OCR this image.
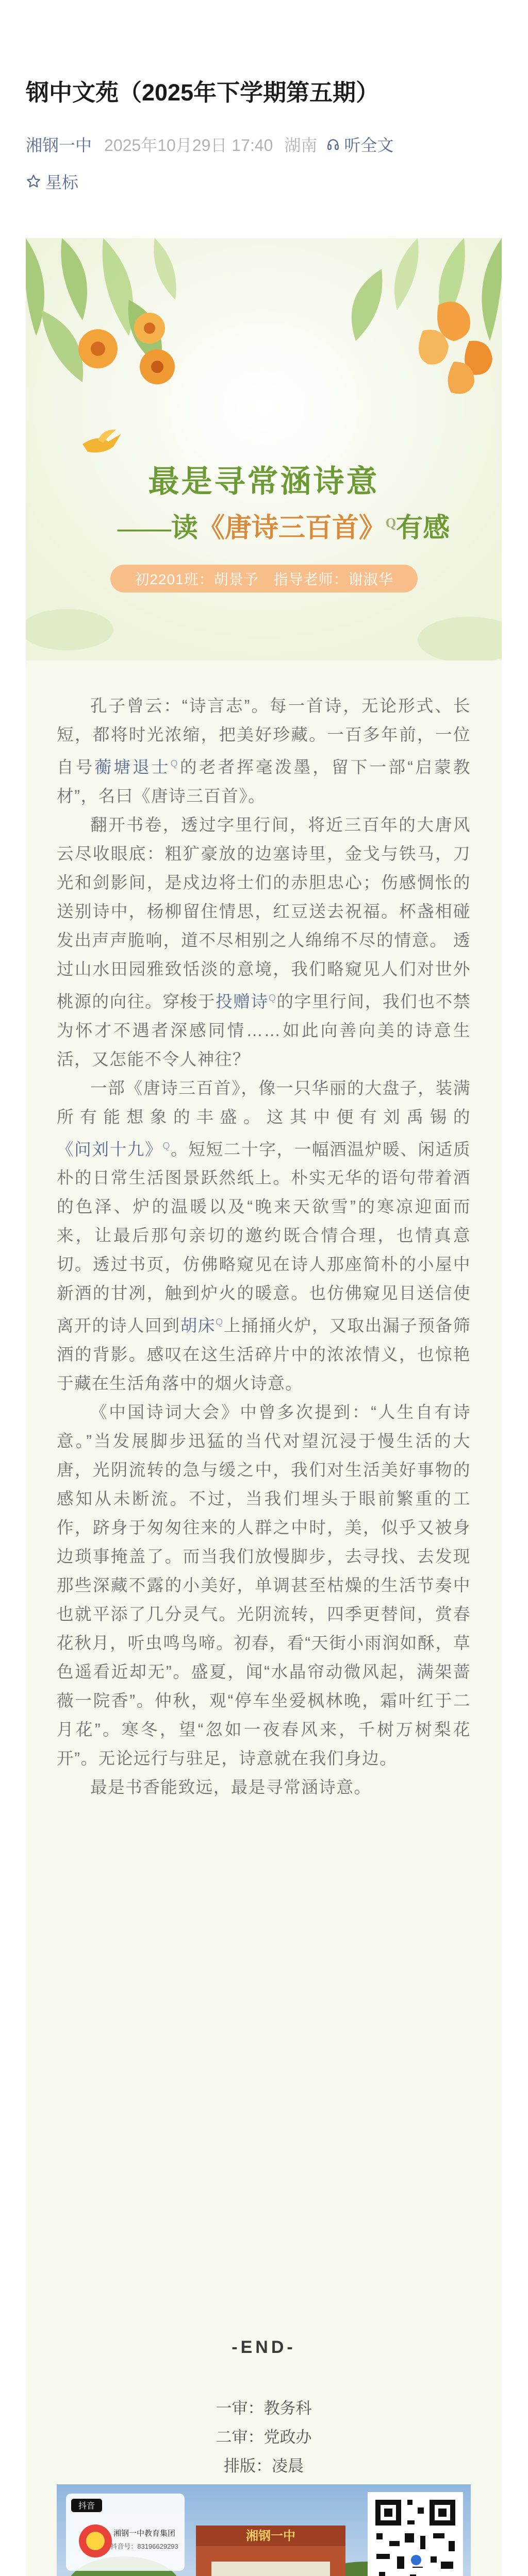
钢中文苑（2025年下学期第五期）
湘钢一中 2025年10月29日 17:40 湖南 听全文
星标
最是寻常涵诗意
——读《唐诗三百首》$^Q$有感
初2201班：胡景予　指导老师：谢淑华

孔子曾云：“诗言志”。每一首诗，无论形式、长短，都将时光浓缩，把美好珍藏。一百多年前，一位自号蘅塘退士$^Q$的老者挥毫泼墨，留下一部“启蒙教材”，名曰《唐诗三百首》。

翻开书卷，透过字里行间，将近三百年的大唐风云尽收眼底：粗犷豪放的边塞诗里，金戈与铁马，刀光和剑影间，是戍边将士们的赤胆忠心；伤感惆怅的送别诗中，杨柳留住情思，红豆送去祝福。杯盏相碰发出声声脆响，道不尽相别之人绵绵不尽的情意。 透过山水田园雅致恬淡的意境，我们略窥见人们对世外桃源的向往。穿梭于投赠诗$^Q$的字里行间，我们也不禁为怀才不遇者深感同情……如此向善向美的诗意生活，又怎能不令人神往？

一部《唐诗三百首》，像一只华丽的大盘子，装满所有能想象的丰盛。这其中便有刘禹锡的《问刘十九》$^Q$。短短二十字，一幅酒温炉暖、闲适质朴的日常生活图景跃然纸上。朴实无华的语句带着酒的色泽、炉的温暖以及“晚来天欲雪”的寒凉迎面而来，让最后那句亲切的邀约既合情合理，也情真意切。透过书页，仿佛略窥见在诗人那座简朴的小屋中新酒的甘冽，触到炉火的暖意。也仿佛窥见目送信使离开的诗人回到胡床$^Q$上捅捅火炉，又取出漏子预备筛酒的背影。感叹在这生活碎片中的浓浓情义，也惊艳于藏在生活角落中的烟火诗意。

《中国诗词大会》中曾多次提到：“人生自有诗意。”当发展脚步迅猛的当代对望沉浸于慢生活的大唐，光阴流转的急与缓之中，我们对生活美好事物的感知从未断流。不过，当我们埋头于眼前繁重的工作，跻身于匆匆往来的人群之中时，美，似乎又被身边琐事掩盖了。而当我们放慢脚步，去寻找、去发现那些深藏不露的小美好，单调甚至枯燥的生活节奏中也就平添了几分灵气。光阴流转，四季更替间，赏春花秋月，听虫鸣鸟啼。初春，看“天街小雨润如酥，草色遥看近却无”。盛夏，闻“水晶帘动微风起，满架蔷薇一院香”。仲秋，观“停车坐爱枫林晚，霜叶红于二月花”。寒冬，望“忽如一夜春风来，千树万树梨花开”。无论远行与驻足，诗意就在我们身边。

最是书香能致远，最是寻常涵诗意。

-END-
一审：教务科
二审：党政办
排版：凌晨
湘钢一中
抖音
湘钢一中教育集团
抖音号：83196629293
